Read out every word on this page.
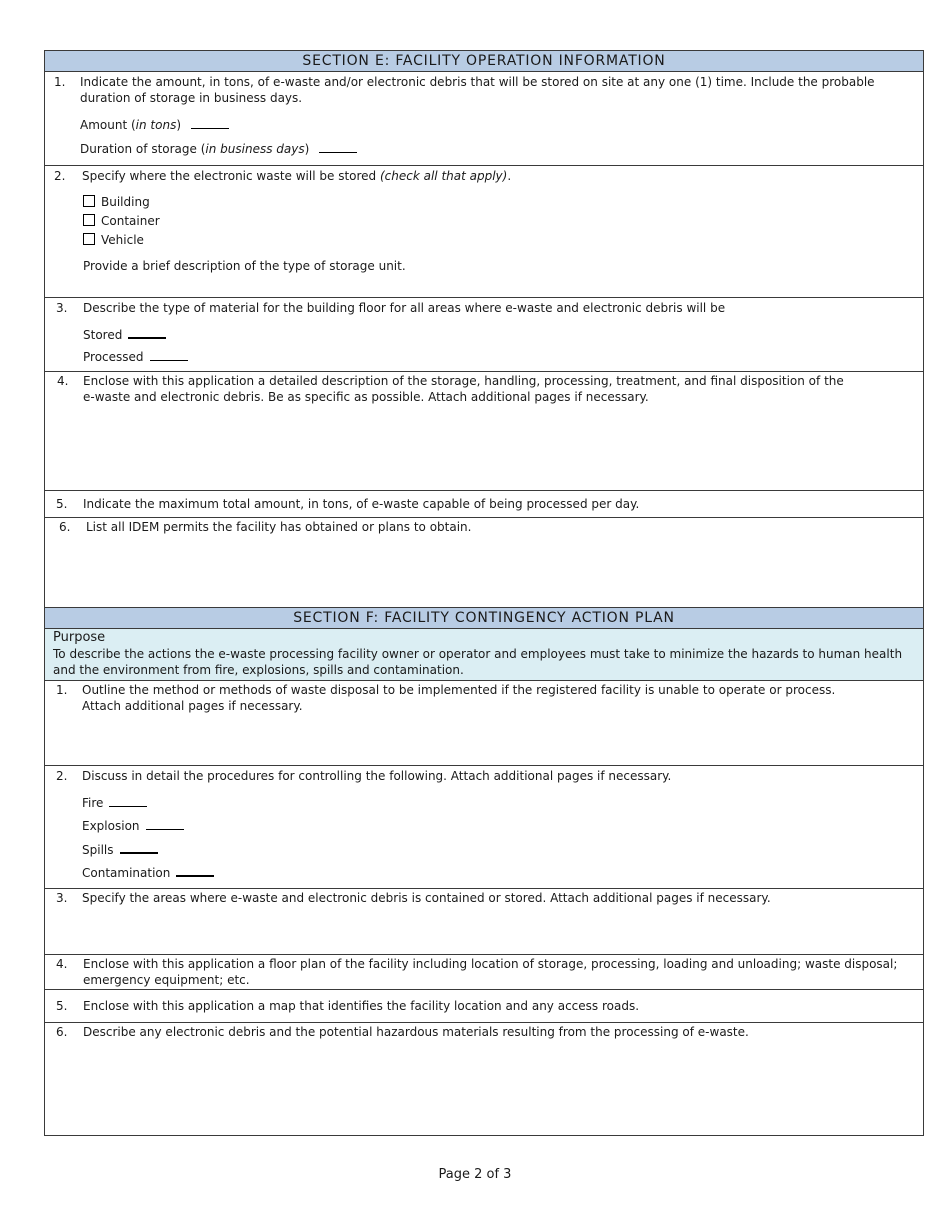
SECTION E: FACILITY OPERATION INFORMATION
1. Indicate the amount, in tons, of e-waste and/or electronic debris that will be stored on site at any one (1) time. Include the probable duration of storage in business days.
Amount (in tons)
Duration of storage (in business days)
2. Specify where the electronic waste will be stored (check all that apply).
Building
Container
Vehicle
Provide a brief description of the type of storage unit.
3. Describe the type of material for the building floor for all areas where e-waste and electronic debris will be
Stored
Processed
4. Enclose with this application a detailed description of the storage, handling, processing, treatment, and final disposition of the
e-waste and electronic debris. Be as specific as possible. Attach additional pages if necessary.
5. Indicate the maximum total amount, in tons, of e-waste capable of being processed per day.
6. List all IDEM permits the facility has obtained or plans to obtain.
SECTION F: FACILITY CONTINGENCY ACTION PLAN
Purpose
To describe the actions the e-waste processing facility owner or operator and employees must take to minimize the hazards to human health and the environment from fire, explosions, spills and contamination.
1. Outline the method or methods of waste disposal to be implemented if the registered facility is unable to operate or process.
Attach additional pages if necessary.
2. Discuss in detail the procedures for controlling the following. Attach additional pages if necessary.
Fire
Explosion
Spills
Contamination
3. Specify the areas where e-waste and electronic debris is contained or stored. Attach additional pages if necessary.
4. Enclose with this application a floor plan of the facility including location of storage, processing, loading and unloading; waste disposal; emergency equipment; etc.
5. Enclose with this application a map that identifies the facility location and any access roads.
6. Describe any electronic debris and the potential hazardous materials resulting from the processing of e-waste.
Page 2 of 3
